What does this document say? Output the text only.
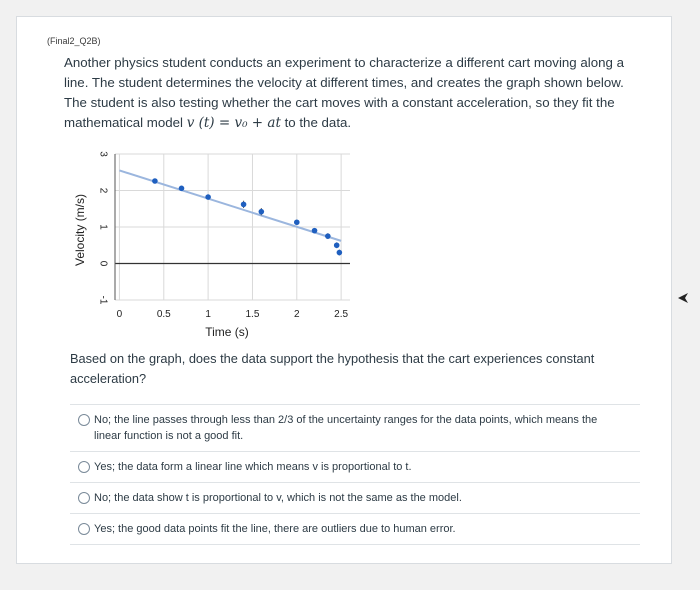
(Final2_Q2B)
Another physics student conducts an experiment to characterize a different cart moving along a line. The student determines the velocity at different times, and creates the graph shown below. The student is also testing whether the cart moves with a constant acceleration, so they fit the mathematical model v (t) = v₀ + at to the data.
0	0.5	1	1.5	2	2.5
-1
0
1
2
3
Time (s)
Velocity (m/s)
Based on the graph, does the data support the hypothesis that the cart experiences constant acceleration?
No; the line passes through less than 2/3 of the uncertainty ranges for the data points, which means the linear function is not a good fit.
Yes; the data form a linear line which means v is proportional to t.
No; the data show t is proportional to v, which is not the same as the model.
Yes; the good data points fit the line, there are outliers due to human error.
